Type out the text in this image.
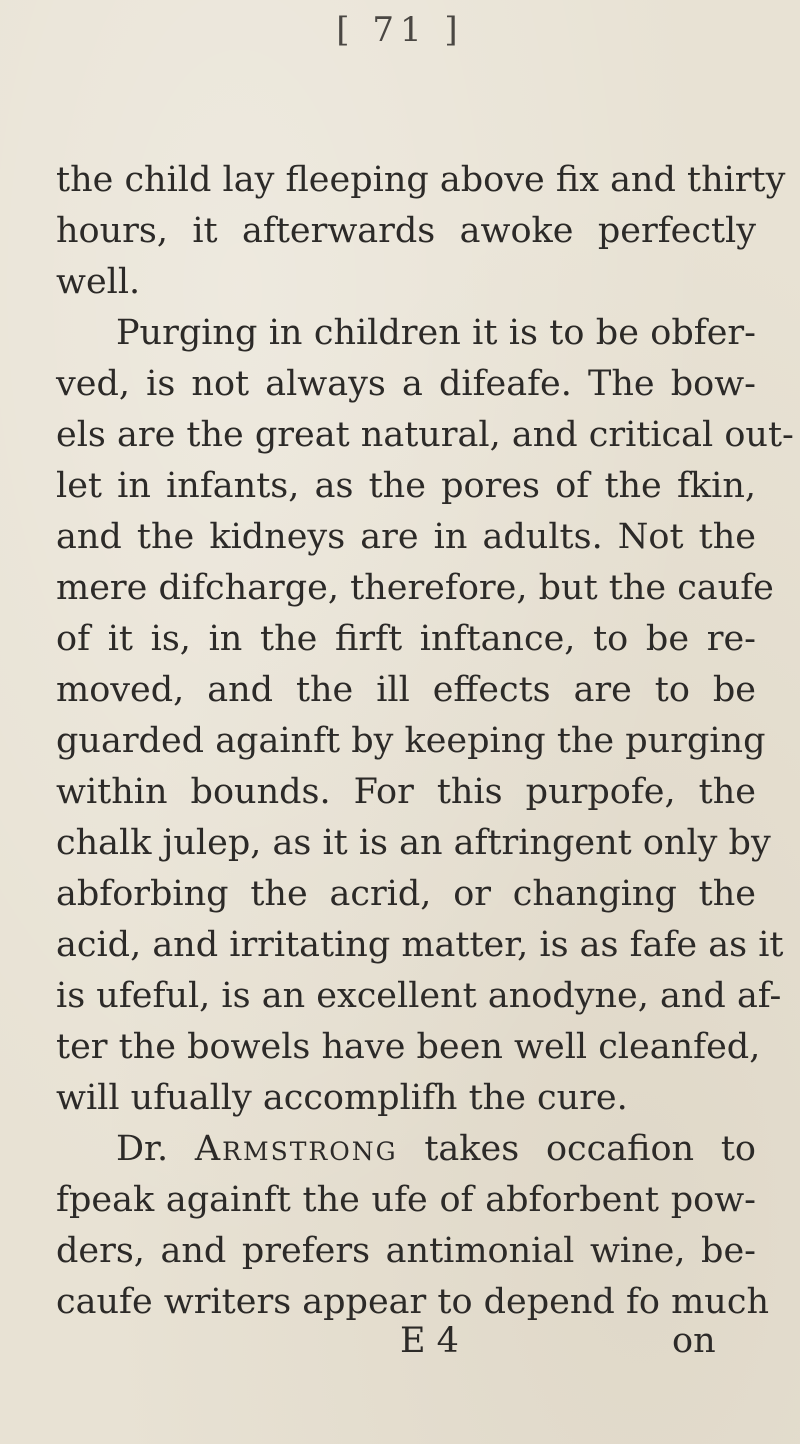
[ 71 ]
the child lay fleeping above fix and thirty
hours, it afterwards awoke perfectly
well.
Purging in children it is to be obfer-
ved, is not always a difeafe. The bow-
els are the great natural, and critical out-
let in infants, as the pores of the fkin,
and the kidneys are in adults. Not the
mere difcharge, therefore, but the caufe
of it is, in the firft inftance, to be re-
moved, and the ill effects are to be
guarded againft by keeping the purging
within bounds. For this purpofe, the
chalk julep, as it is an aftringent only by
abforbing the acrid, or changing the
acid, and irritating matter, is as fafe as it
is ufeful, is an excellent anodyne, and af-
ter the bowels have been well cleanfed,
will ufually accomplifh the cure.
Dr. Armstrong takes occafion to
fpeak againft the ufe of abforbent pow-
ders, and prefers antimonial wine, be-
caufe writers appear to depend fo much
E 4	on
